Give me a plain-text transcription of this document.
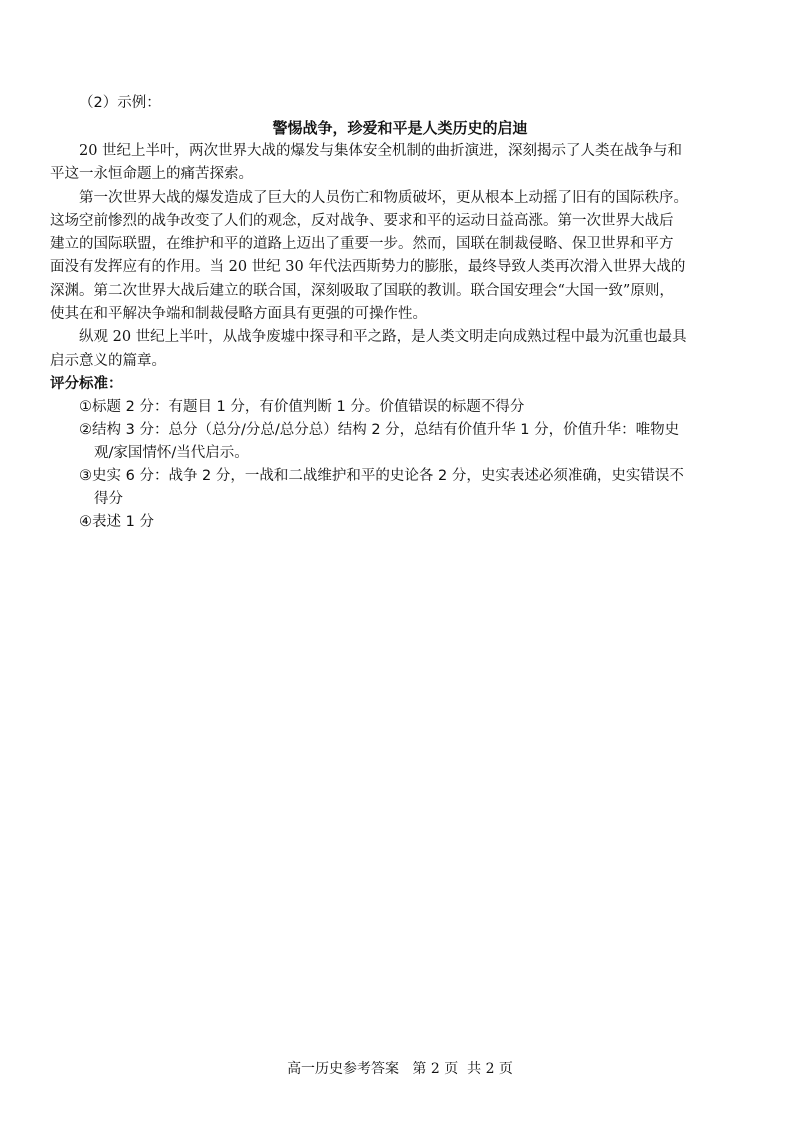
（2）示例：
警惕战争，珍爱和平是人类历史的启迪
20 世纪上半叶，两次世界大战的爆发与集体安全机制的曲折演进，深刻揭示了人类在战争与和
平这一永恒命题上的痛苦探索。
第一次世界大战的爆发造成了巨大的人员伤亡和物质破坏，更从根本上动摇了旧有的国际秩序。
这场空前惨烈的战争改变了人们的观念，反对战争、要求和平的运动日益高涨。第一次世界大战后
建立的国际联盟，在维护和平的道路上迈出了重要一步。然而，国联在制裁侵略、保卫世界和平方
面没有发挥应有的作用。当 20 世纪 30 年代法西斯势力的膨胀，最终导致人类再次滑入世界大战的
深渊。第二次世界大战后建立的联合国，深刻吸取了国联的教训。联合国安理会“大国一致”原则，
使其在和平解决争端和制裁侵略方面具有更强的可操作性。
纵观 20 世纪上半叶，从战争废墟中探寻和平之路，是人类文明走向成熟过程中最为沉重也最具
启示意义的篇章。
评分标准：
①标题 2 分：有题目 1 分，有价值判断 1 分。价值错误的标题不得分
②结构 3 分：总分（总分/分总/总分总）结构 2 分，总结有价值升华 1 分，价值升华：唯物史
观/家国情怀/当代启示。
③史实 6 分：战争 2 分，一战和二战维护和平的史论各 2 分，史实表述必须准确，史实错误不
得分
④表述 1 分
高一历史参考答案   第 2 页  共 2 页
